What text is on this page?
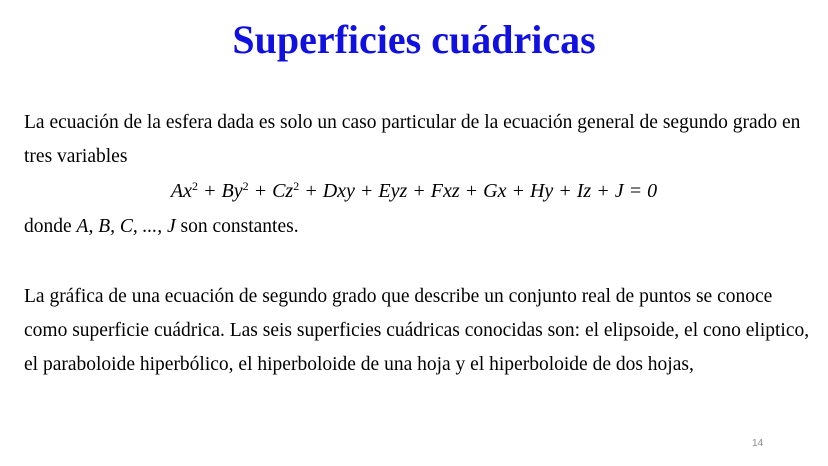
Superficies cuádricas

La ecuación de la esfera dada es solo un caso particular de la ecuación general de segundo grado en tres variables

$Ax^2 + By^2 + Cz^2$ + Dxy + Eyz + Fxz + Gx + Hy + Iz + J = 0
donde A, B, C, ..., J son constantes.

La gráfica de una ecuación de segundo grado que describe un conjunto real de puntos se conoce como superficie cuádrica. Las seis superficies cuádricas conocidas son: el elipsoide, el cono eliptico, el paraboloide hiperbólico, el hiperboloide de una hoja y el hiperboloide de dos hojas,

14
